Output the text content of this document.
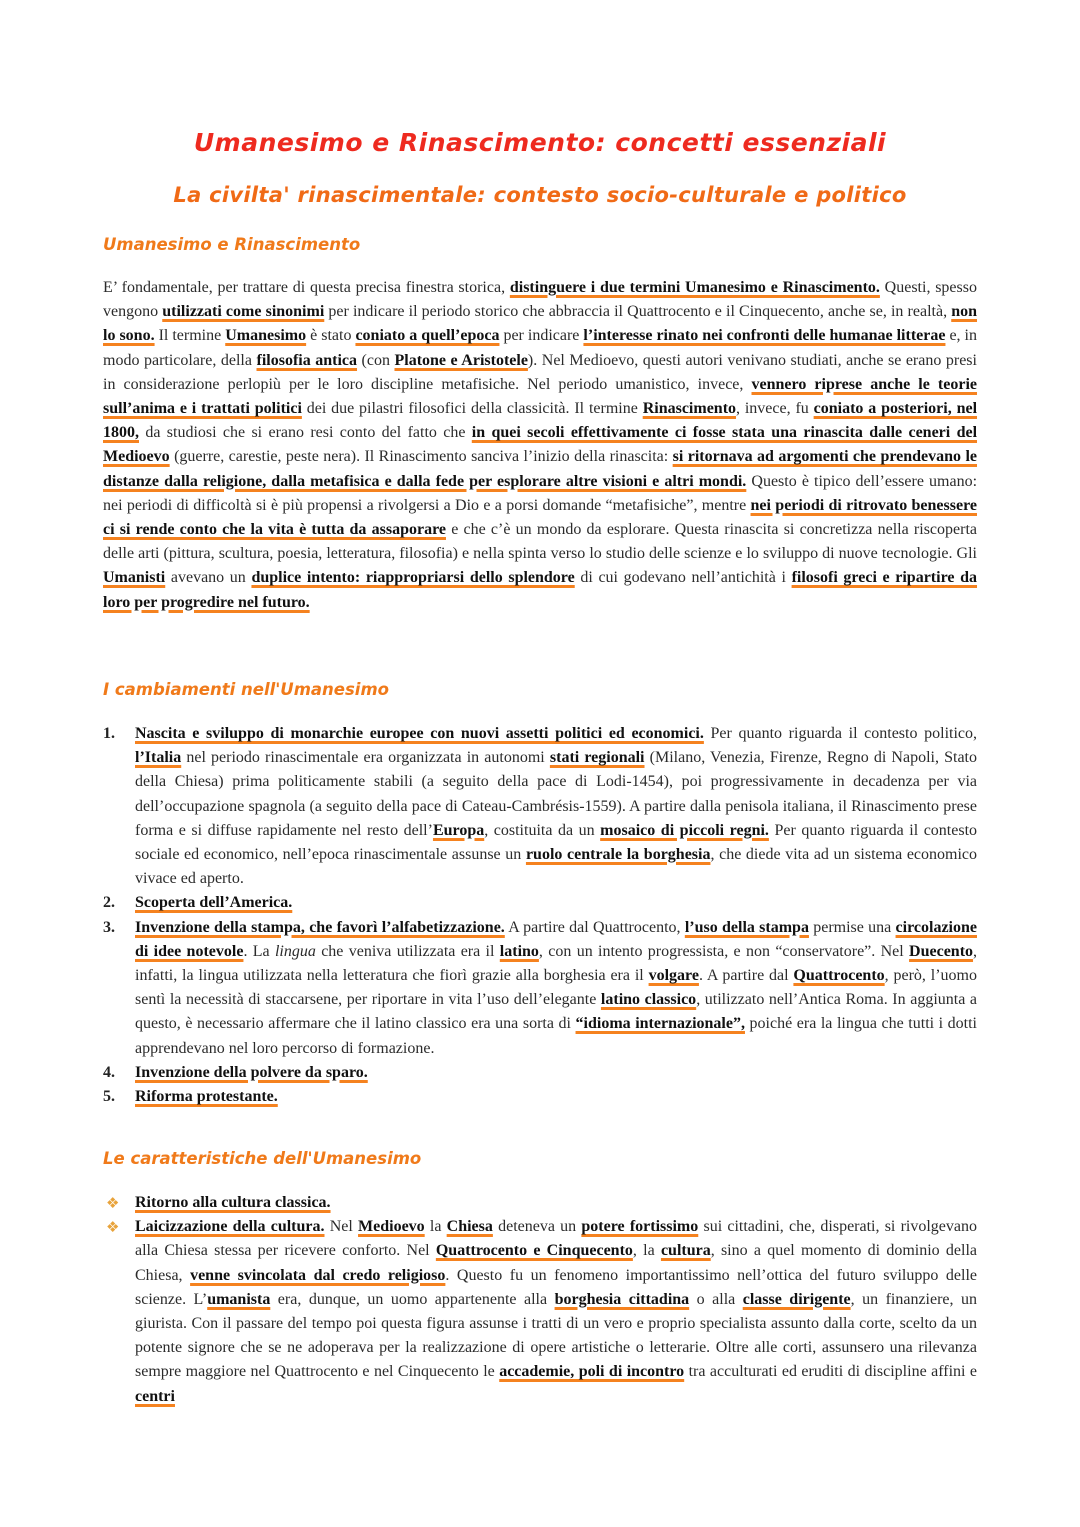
Umanesimo e Rinascimento: concetti essenziali
La civilta' rinascimentale: contesto socio-culturale e politico
Umanesimo e Rinascimento

E’ fondamentale, per trattare di questa precisa finestra storica, distinguere i due termini Umanesimo e Rinascimento. Questi, spesso vengono utilizzati come sinonimi per indicare il periodo storico che abbraccia il Quattrocento e il Cinquecento, anche se, in realtà, non lo sono. Il termine Umanesimo è stato coniato a quell’epoca per indicare l’interesse rinato nei confronti delle humanae litterae e, in modo particolare, della filosofia antica (con Platone e Aristotele). Nel Medioevo, questi autori venivano studiati, anche se erano presi in considerazione perlopiù per le loro discipline metafisiche. Nel periodo umanistico, invece, vennero riprese anche le teorie sull’anima e i trattati politici dei due pilastri filosofici della classicità. Il termine Rinascimento, invece, fu coniato a posteriori, nel 1800, da studiosi che si erano resi conto del fatto che in quei secoli effettivamente ci fosse stata una rinascita dalle ceneri del Medioevo (guerre, carestie, peste nera). Il Rinascimento sanciva l’inizio della rinascita: si ritornava ad argomenti che prendevano le distanze dalla religione, dalla metafisica e dalla fede per esplorare altre visioni e altri mondi. Questo è tipico dell’essere umano: nei periodi di difficoltà si è più propensi a rivolgersi a Dio e a porsi domande “metafisiche”, mentre nei periodi di ritrovato benessere ci si rende conto che la vita è tutta da assaporare e che c’è un mondo da esplorare. Questa rinascita si concretizza nella riscoperta delle arti (pittura, scultura, poesia, letteratura, filosofia) e nella spinta verso lo studio delle scienze e lo sviluppo di nuove tecnologie. Gli Umanisti avevano un duplice intento: riappropriarsi dello splendore di cui godevano nell’antichità i filosofi greci e ripartire da loro per progredire nel futuro.

I cambiamenti nell'Umanesimo
1. Nascita e sviluppo di monarchie europee con nuovi assetti politici ed economici. Per quanto riguarda il contesto politico, l’Italia nel periodo rinascimentale era organizzata in autonomi stati regionali (Milano, Venezia, Firenze, Regno di Napoli, Stato della Chiesa) prima politicamente stabili (a seguito della pace di Lodi-1454), poi progressivamente in decadenza per via dell’occupazione spagnola (a seguito della pace di Cateau-Cambrésis-1559). A partire dalla penisola italiana, il Rinascimento prese forma e si diffuse rapidamente nel resto dell’Europa, costituita da un mosaico di piccoli regni. Per quanto riguarda il contesto sociale ed economico, nell’epoca rinascimentale assunse un ruolo centrale la borghesia, che diede vita ad un sistema economico vivace ed aperto.
2. Scoperta dell’America.
3. Invenzione della stampa, che favorì l’alfabetizzazione. A partire dal Quattrocento, l’uso della stampa permise una circolazione di idee notevole. La lingua che veniva utilizzata era il latino, con un intento progressista, e non “conservatore”. Nel Duecento, infatti, la lingua utilizzata nella letteratura che fiorì grazie alla borghesia era il volgare. A partire dal Quattrocento, però, l’uomo sentì la necessità di staccarsene, per riportare in vita l’uso dell’elegante latino classico, utilizzato nell’Antica Roma. In aggiunta a questo, è necessario affermare che il latino classico era una sorta di “idioma internazionale”, poiché era la lingua che tutti i dotti apprendevano nel loro percorso di formazione.
4. Invenzione della polvere da sparo.
5. Riforma protestante.
Le caratteristiche dell'Umanesimo
❖ Ritorno alla cultura classica.
❖ Laicizzazione della cultura. Nel Medioevo la Chiesa deteneva un potere fortissimo sui cittadini, che, disperati, si rivolgevano alla Chiesa stessa per ricevere conforto. Nel Quattrocento e Cinquecento, la cultura, sino a quel momento di dominio della Chiesa, venne svincolata dal credo religioso. Questo fu un fenomeno importantissimo nell’ottica del futuro sviluppo delle scienze. L’umanista era, dunque, un uomo appartenente alla borghesia cittadina o alla classe dirigente, un finanziere, un giurista. Con il passare del tempo poi questa figura assunse i tratti di un vero e proprio specialista assunto dalla corte, scelto da un potente signore che se ne adoperava per la realizzazione di opere artistiche o letterarie. Oltre alle corti, assunsero una rilevanza sempre maggiore nel Quattrocento e nel Cinquecento le accademie, poli di incontro tra acculturati ed eruditi di discipline affini e centri
